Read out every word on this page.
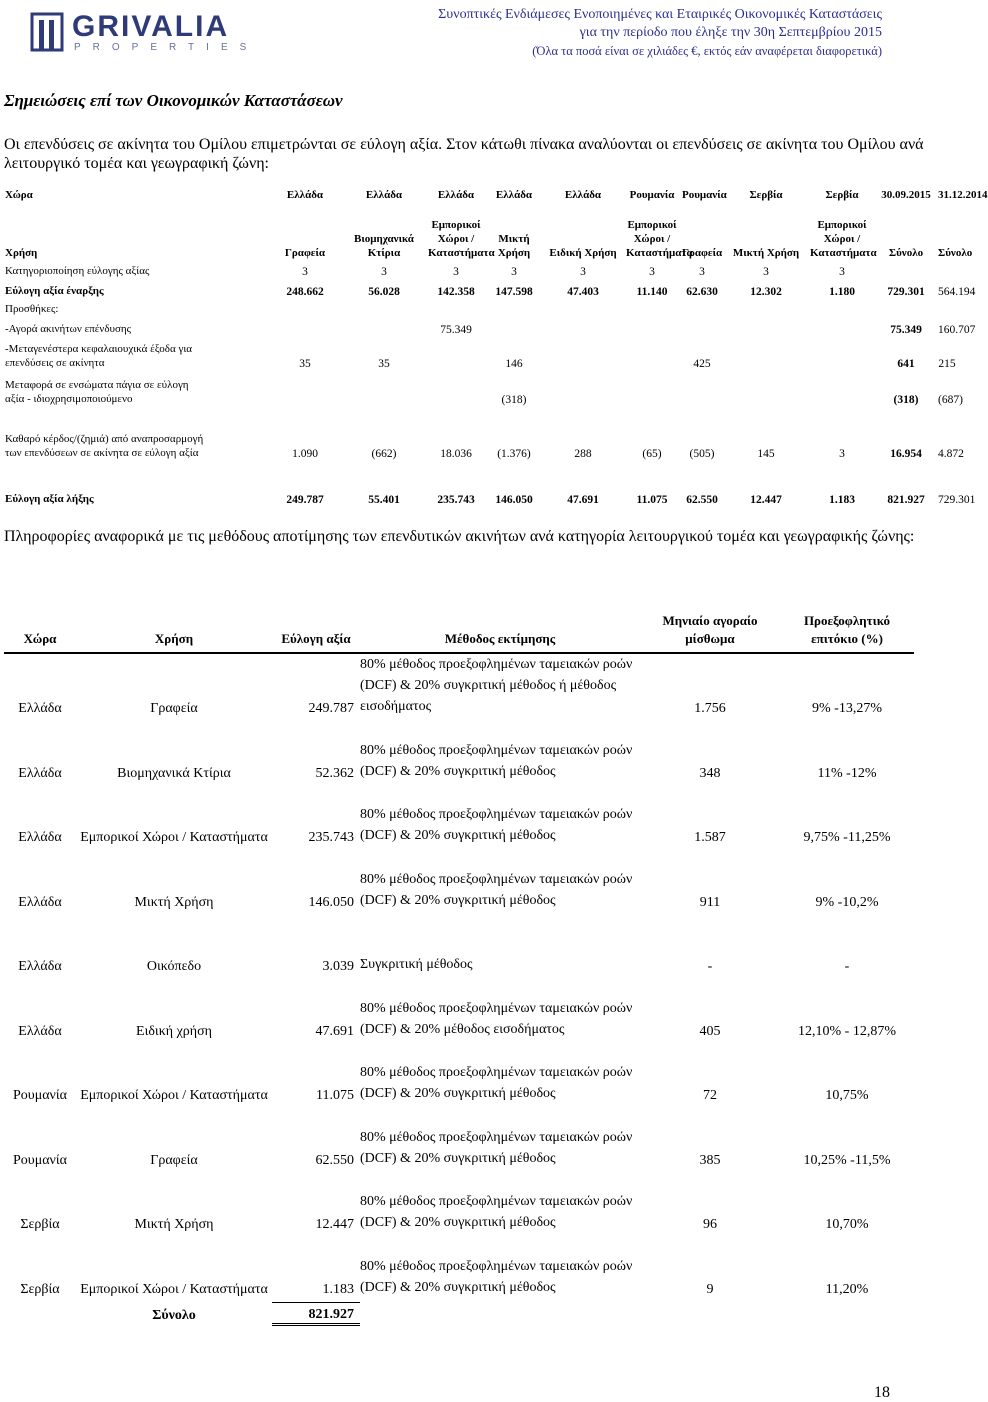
GRIVALIA
PROPERTIES
Συνοπτικές Ενδιάμεσες Ενοποιημένες και Εταιρικές Οικονομικές Καταστάσεις
για την περίοδο που έληξε την 30η Σεπτεμβρίου 2015
(Όλα τα ποσά είναι σε χιλιάδες €, εκτός εάν αναφέρεται διαφορετικά)
Σημειώσεις επί των Οικονομικών Καταστάσεων
Οι επενδύσεις σε ακίνητα του Ομίλου επιμετρώνται σε εύλογη αξία. Στον κάτωθι πίνακα αναλύονται οι επενδύσεις σε ακίνητα του Ομίλου ανά λειτουργικό τομέα και γεωγραφική ζώνη:
Χώρα		Ελλάδα	Ελλάδα	Ελλάδα	Ελλάδα	Ελλάδα	Ρουμανία	Ρουμανία	Σερβία	Σερβία	30.09.2015	31.12.2014
Χρήση		Γραφεία	Βιομηχανικά Κτίρια	Εμπορικοί Χώροι / Καταστήματα	Μικτή Χρήση	Ειδική Χρήση	Εμπορικοί Χώροι / Καταστήματα	Γραφεία	Μικτή Χρήση	Εμπορικοί Χώροι / Καταστήματα	Σύνολο	Σύνολο
Κατηγοριοποίηση εύλογης αξίας		3	3	3	3	3	3	3	3	3		
Εύλογη αξία έναρξης		248.662	56.028	142.358	147.598	47.403	11.140	62.630	12.302	1.180	729.301	564.194
Προσθήκες:												
-Αγορά ακινήτων επένδυσης				75.349							75.349	160.707
-Μεταγενέστερα κεφαλαιουχικά έξοδα για επενδύσεις σε ακίνητα		35	35		146			425			641	215
Μεταφορά σε ενσώματα πάγια σε εύλογη αξία - ιδιοχρησιμοποιούμενο					(318)						(318)	(687)
Καθαρό κέρδος/(ζημιά) από αναπροσαρμογή των επενδύσεων σε ακίνητα σε εύλογη αξία		1.090	(662)	18.036	(1.376)	288	(65)	(505)	145	3	16.954	4.872
Εύλογη αξία λήξης		249.787	55.401	235.743	146.050	47.691	11.075	62.550	12.447	1.183	821.927	729.301
Πληροφορίες αναφορικά με τις μεθόδους αποτίμησης των επενδυτικών ακινήτων ανά κατηγορία λειτουργικού τομέα και γεωγραφικής ζώνης:
Χώρα	Χρήση	Εύλογη αξία	Μέθοδος εκτίμησης	Μηνιαίο αγοραίο μίσθωμα	Προεξοφλητικό επιτόκιο (%)
Ελλάδα	Γραφεία	249.787	80% μέθοδος προεξοφλημένων ταμειακών ροών (DCF) & 20% συγκριτική μέθοδος ή μέθοδος εισοδήματος	1.756	9% -13,27%
Ελλάδα	Βιομηχανικά Κτίρια	52.362	80% μέθοδος προεξοφλημένων ταμειακών ροών (DCF) & 20% συγκριτική μέθοδος	348	11% -12%
Ελλάδα	Εμπορικοί Χώροι / Καταστήματα	235.743	80% μέθοδος προεξοφλημένων ταμειακών ροών (DCF) & 20% συγκριτική μέθοδος	1.587	9,75% -11,25%
Ελλάδα	Μικτή Χρήση	146.050	80% μέθοδος προεξοφλημένων ταμειακών ροών (DCF) & 20% συγκριτική μέθοδος	911	9% -10,2%
Ελλάδα	Οικόπεδο	3.039	Συγκριτική μέθοδος	-	-
Ελλάδα	Ειδική χρήση	47.691	80% μέθοδος προεξοφλημένων ταμειακών ροών (DCF) & 20% μέθοδος εισοδήματος	405	12,10% - 12,87%
Ρουμανία	Εμπορικοί Χώροι / Καταστήματα	11.075	80% μέθοδος προεξοφλημένων ταμειακών ροών (DCF) & 20% συγκριτική μέθοδος	72	10,75%
Ρουμανία	Γραφεία	62.550	80% μέθοδος προεξοφλημένων ταμειακών ροών (DCF) & 20% συγκριτική μέθοδος	385	10,25% -11,5%
Σερβία	Μικτή Χρήση	12.447	80% μέθοδος προεξοφλημένων ταμειακών ροών (DCF) & 20% συγκριτική μέθοδος	96	10,70%
Σερβία	Εμπορικοί Χώροι / Καταστήματα	1.183	80% μέθοδος προεξοφλημένων ταμειακών ροών (DCF) & 20% συγκριτική μέθοδος	9	11,20%
	Σύνολο	821.927			
18
